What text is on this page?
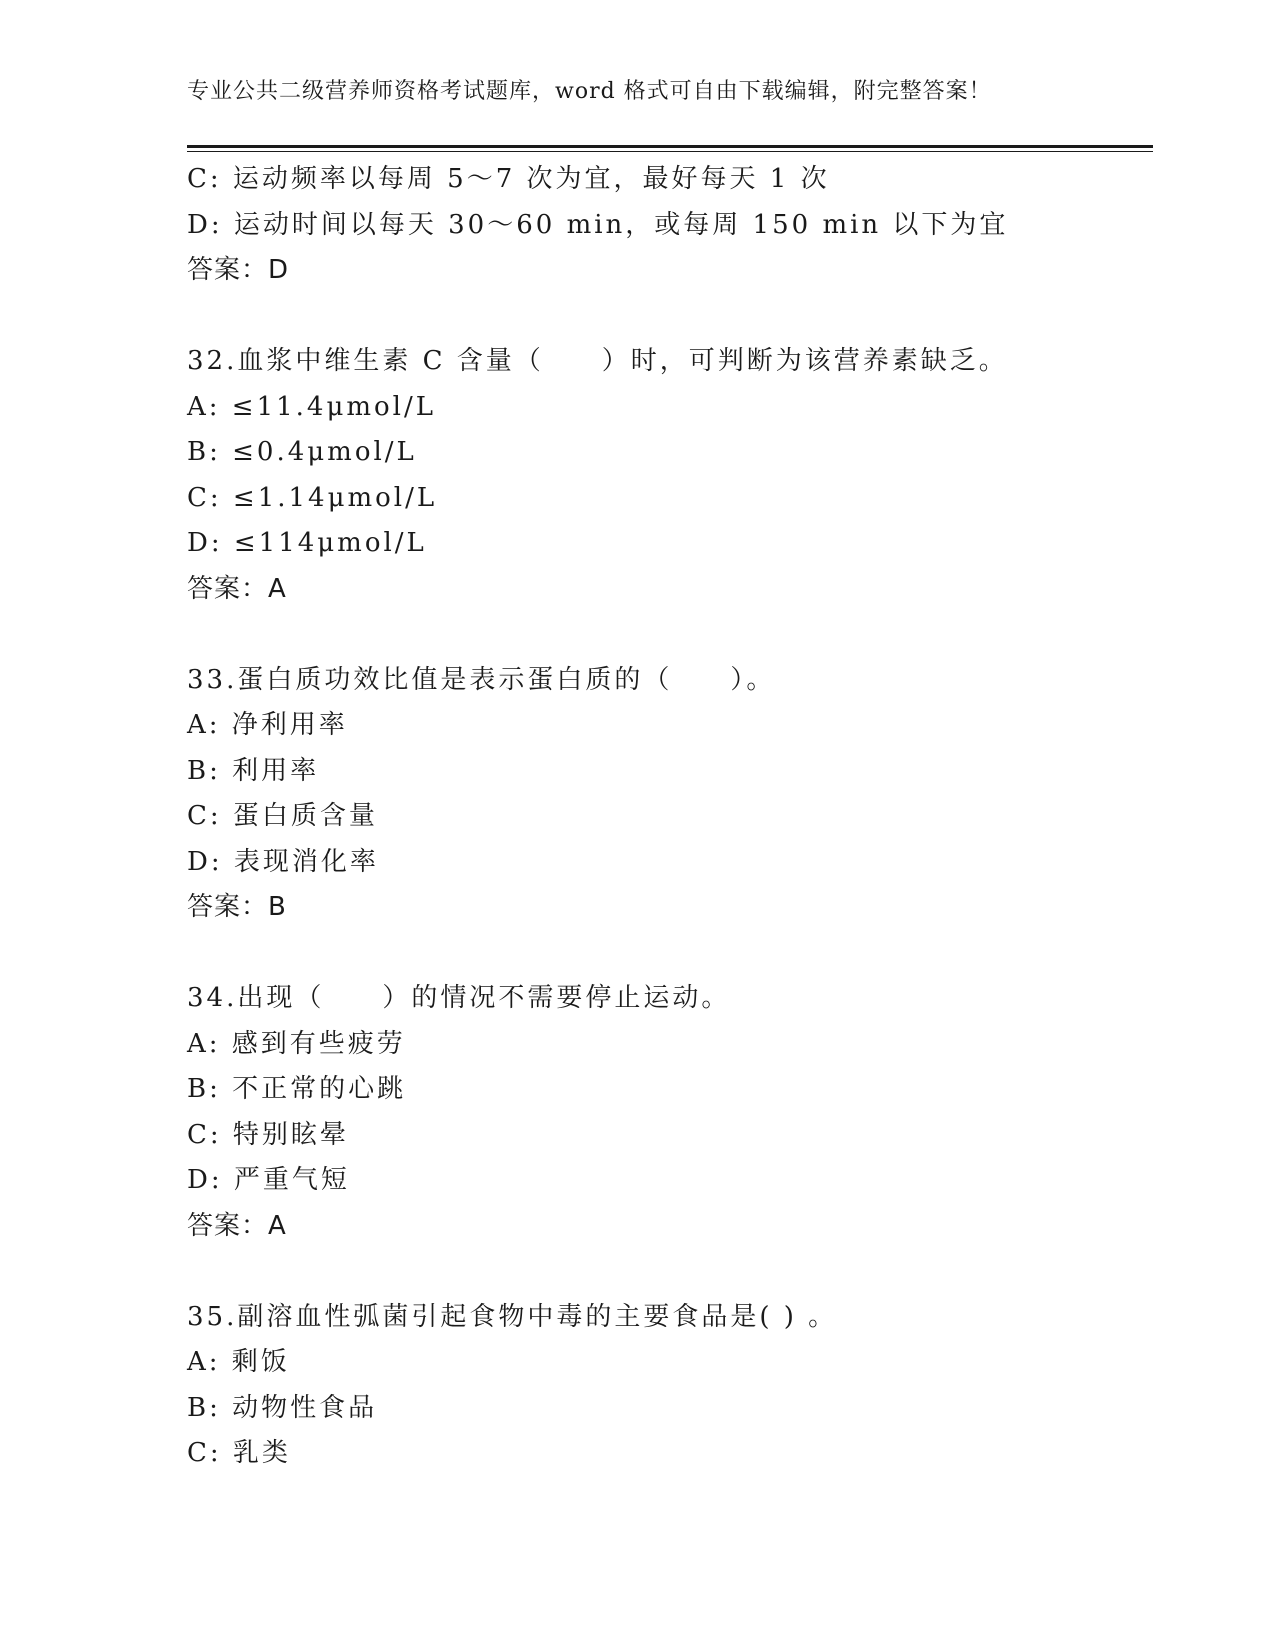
专业公共二级营养师资格考试题库，word 格式可自由下载编辑，附完整答案！
C: 运动频率以每周 5～7 次为宜，最好每天 1 次
D: 运动时间以每天 30～60 min，或每周 150 min 以下为宜
答案：D
32.血浆中维生素 C 含量（　　）时，可判断为该营养素缺乏。
A: ≤11.4μmol/L
B: ≤0.4μmol/L
C: ≤1.14μmol/L
D: ≤114μmol/L
答案：A
33.蛋白质功效比值是表示蛋白质的（　　）。
A: 净利用率
B: 利用率
C: 蛋白质含量
D: 表现消化率
答案：B
34.出现（　　）的情况不需要停止运动。
A: 感到有些疲劳
B: 不正常的心跳
C: 特别眩晕
D: 严重气短
答案：A
35.副溶血性弧菌引起食物中毒的主要食品是( ) 。
A: 剩饭
B: 动物性食品
C: 乳类
